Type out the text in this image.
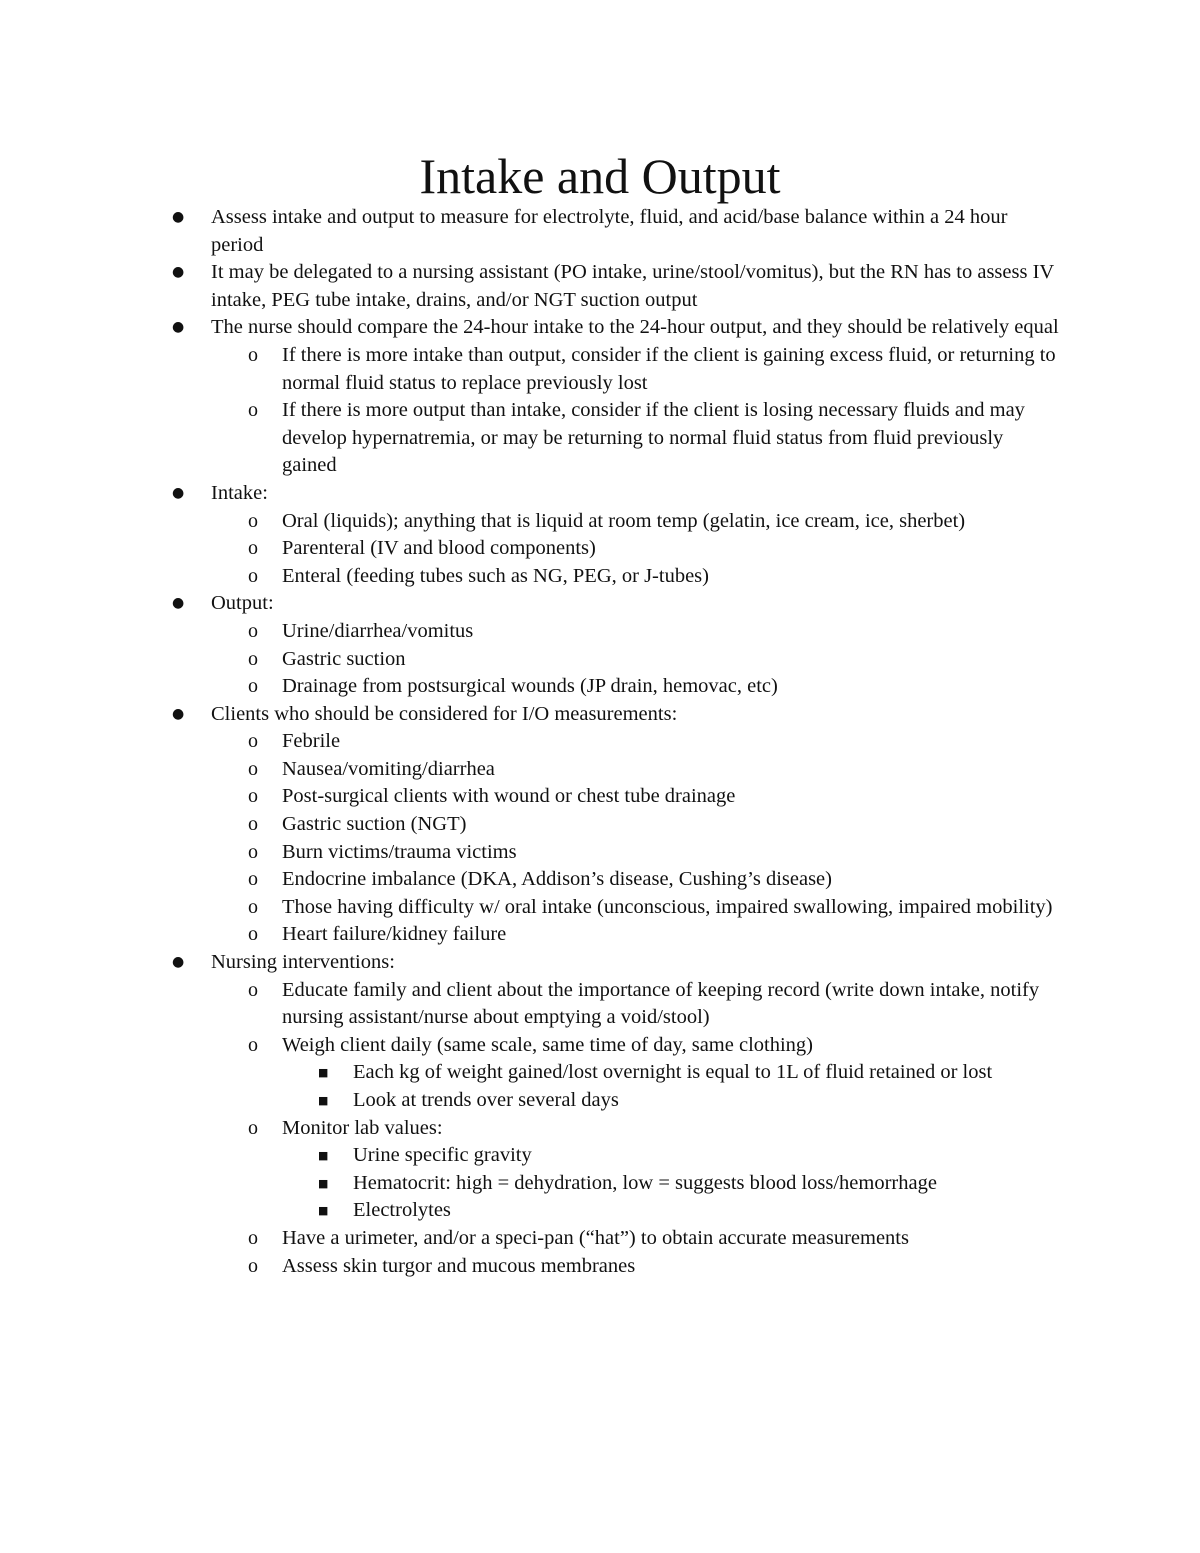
Intake and Output
● Assess intake and output to measure for electrolyte, fluid, and acid/base balance within a 24 hour period
● It may be delegated to a nursing assistant (PO intake, urine/stool/vomitus), but the RN has to assess IV intake, PEG tube intake, drains, and/or NGT suction output
● The nurse should compare the 24-hour intake to the 24-hour output, and they should be relatively equal
o If there is more intake than output, consider if the client is gaining excess fluid, or returning to normal fluid status to replace previously lost
o If there is more output than intake, consider if the client is losing necessary fluids and may develop hypernatremia, or may be returning to normal fluid status from fluid previously gained
● Intake:
o Oral (liquids); anything that is liquid at room temp (gelatin, ice cream, ice, sherbet)
o Parenteral (IV and blood components)
o Enteral (feeding tubes such as NG, PEG, or J-tubes)
● Output:
o Urine/diarrhea/vomitus
o Gastric suction
o Drainage from postsurgical wounds (JP drain, hemovac, etc)
● Clients who should be considered for I/O measurements:
o Febrile
o Nausea/vomiting/diarrhea
o Post-surgical clients with wound or chest tube drainage
o Gastric suction (NGT)
o Burn victims/trauma victims
o Endocrine imbalance (DKA, Addison’s disease, Cushing’s disease)
o Those having difficulty w/ oral intake (unconscious, impaired swallowing, impaired mobility)
o Heart failure/kidney failure
● Nursing interventions:
o Educate family and client about the importance of keeping record (write down intake, notify nursing assistant/nurse about emptying a void/stool)
o Weigh client daily (same scale, same time of day, same clothing)
■ Each kg of weight gained/lost overnight is equal to 1L of fluid retained or lost
■ Look at trends over several days
o Monitor lab values:
■ Urine specific gravity
■ Hematocrit: high = dehydration, low = suggests blood loss/hemorrhage
■ Electrolytes
o Have a urimeter, and/or a speci-pan (“hat”) to obtain accurate measurements
o Assess skin turgor and mucous membranes
